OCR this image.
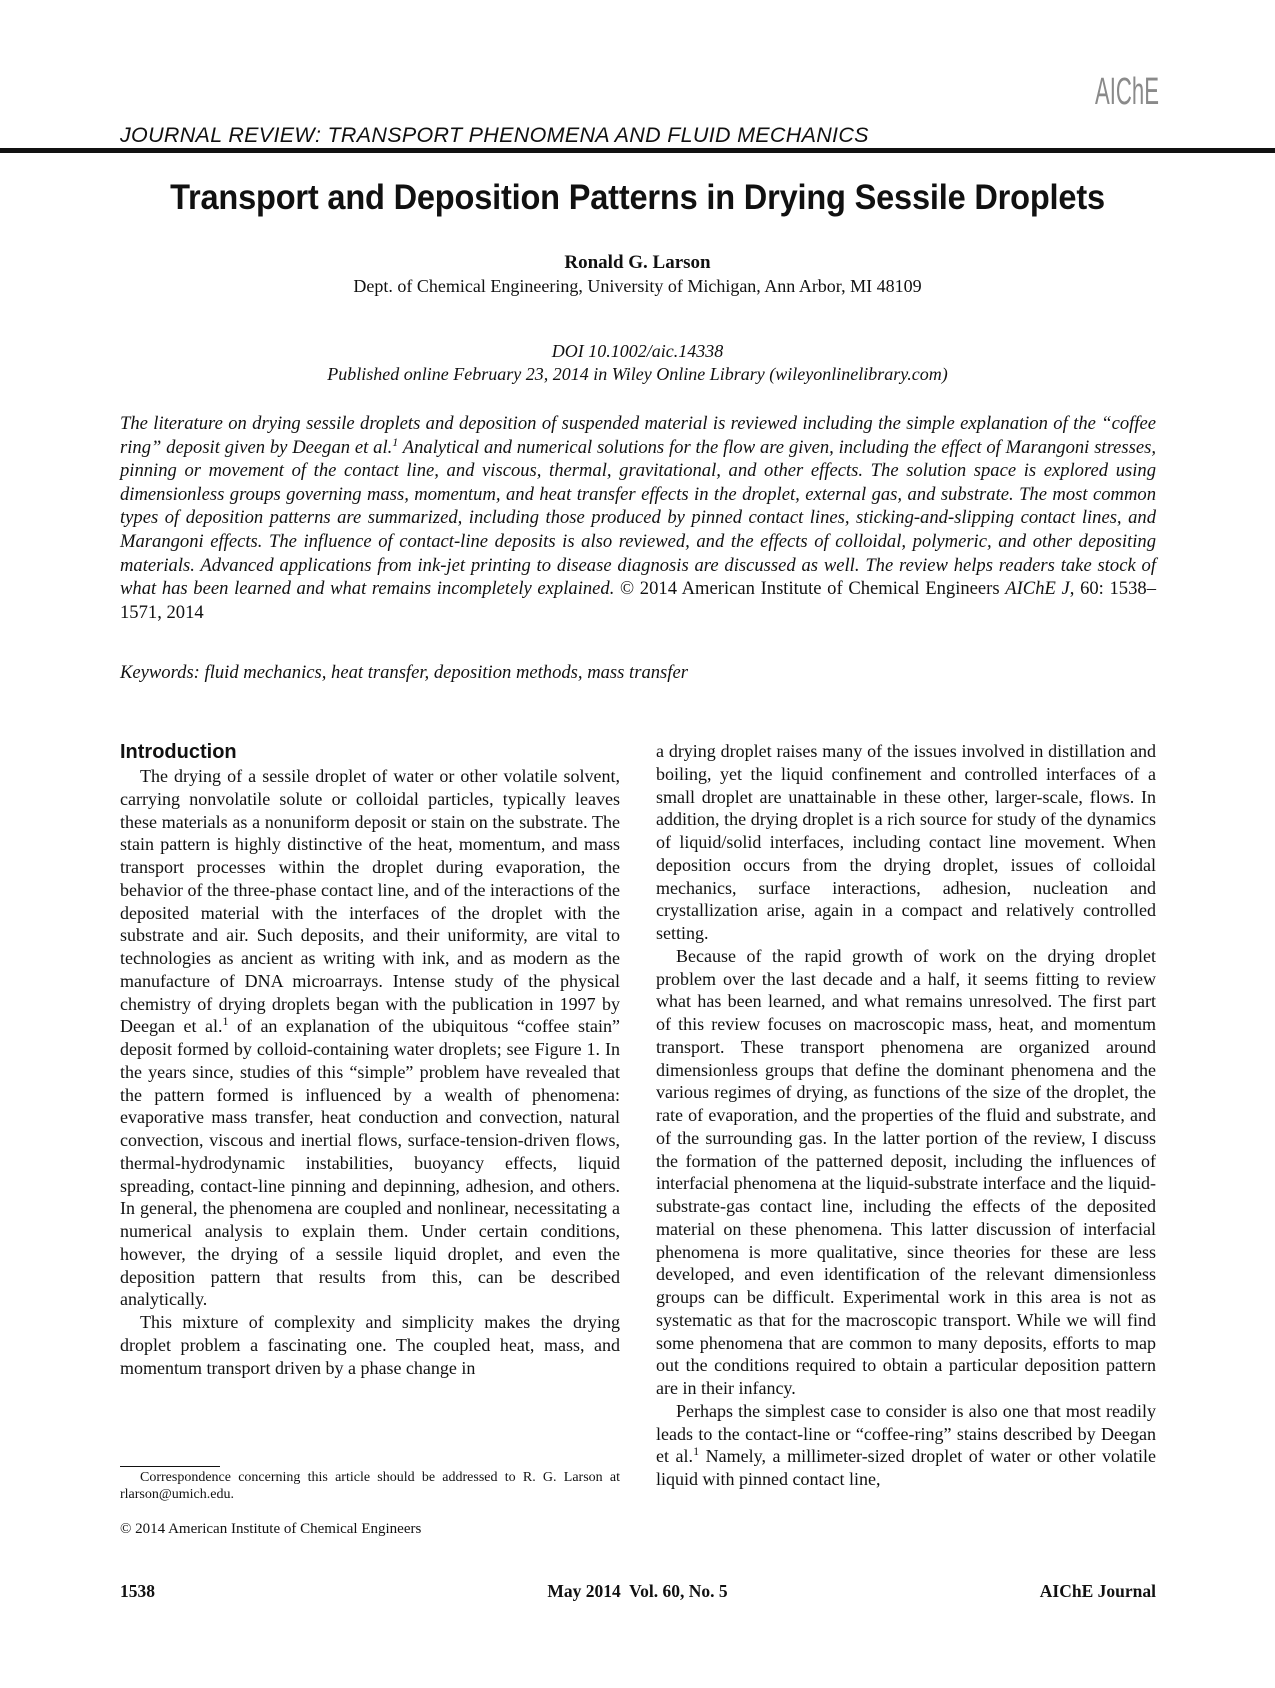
AIChE
JOURNAL REVIEW: TRANSPORT PHENOMENA AND FLUID MECHANICS
Transport and Deposition Patterns in Drying Sessile Droplets
Ronald G. Larson
Dept. of Chemical Engineering, University of Michigan, Ann Arbor, MI 48109
DOI 10.1002/aic.14338
Published online February 23, 2014 in Wiley Online Library (wileyonlinelibrary.com)
The literature on drying sessile droplets and deposition of suspended material is reviewed including the simple explanation of the “coffee ring” deposit given by Deegan et al.$^1$ Analytical and numerical solutions for the flow are given, including the effect of Marangoni stresses, pinning or movement of the contact line, and viscous, thermal, gravitational, and other effects. The solution space is explored using dimensionless groups governing mass, momentum, and heat transfer effects in the droplet, external gas, and substrate. The most common types of deposition patterns are summarized, including those produced by pinned contact lines, sticking-and-slipping contact lines, and Marangoni effects. The influence of contact-line deposits is also reviewed, and the effects of colloidal, polymeric, and other depositing materials. Advanced applications from ink-jet printing to disease diagnosis are discussed as well. The review helps readers take stock of what has been learned and what remains incompletely explained. © 2014 American Institute of Chemical Engineers AIChE J, 60: 1538–1571, 2014
Keywords: fluid mechanics, heat transfer, deposition methods, mass transfer
Introduction

The drying of a sessile droplet of water or other volatile solvent, carrying nonvolatile solute or colloidal particles, typically leaves these materials as a nonuniform deposit or stain on the substrate. The stain pattern is highly distinctive of the heat, momentum, and mass transport processes within the droplet during evaporation, the behavior of the three-phase contact line, and of the interactions of the deposited material with the interfaces of the droplet with the substrate and air. Such deposits, and their uniformity, are vital to technologies as ancient as writing with ink, and as modern as the manufacture of DNA microarrays. Intense study of the physical chemistry of drying droplets began with the publication in 1997 by Deegan et al.$^1$ of an explanation of the ubiquitous “coffee stain” deposit formed by colloid-containing water droplets; see Figure 1. In the years since, studies of this “simple” problem have revealed that the pattern formed is influenced by a wealth of phenomena: evaporative mass transfer, heat conduction and convection, natural convection, viscous and inertial flows, surface-tension-driven flows, thermal-hydrodynamic instabilities, buoyancy effects, liquid spreading, contact-line pinning and depinning, adhesion, and others. In general, the phenomena are coupled and nonlinear, necessitating a numerical analysis to explain them. Under certain conditions, however, the drying of a sessile liquid droplet, and even the deposition pattern that results from this, can be described analytically.

This mixture of complexity and simplicity makes the drying droplet problem a fascinating one. The coupled heat, mass, and momentum transport driven by a phase change in

a drying droplet raises many of the issues involved in distillation and boiling, yet the liquid confinement and controlled interfaces of a small droplet are unattainable in these other, larger-scale, flows. In addition, the drying droplet is a rich source for study of the dynamics of liquid/solid interfaces, including contact line movement. When deposition occurs from the drying droplet, issues of colloidal mechanics, surface interactions, adhesion, nucleation and crystallization arise, again in a compact and relatively controlled setting.

Because of the rapid growth of work on the drying droplet problem over the last decade and a half, it seems fitting to review what has been learned, and what remains unresolved. The first part of this review focuses on macroscopic mass, heat, and momentum transport. These transport phenomena are organized around dimensionless groups that define the dominant phenomena and the various regimes of drying, as functions of the size of the droplet, the rate of evaporation, and the properties of the fluid and substrate, and of the surrounding gas. In the latter portion of the review, I discuss the formation of the patterned deposit, including the influences of interfacial phenomena at the liquid-substrate interface and the liquid-substrate-gas contact line, including the effects of the deposited material on these phenomena. This latter discussion of interfacial phenomena is more qualitative, since theories for these are less developed, and even identification of the relevant dimensionless groups can be difficult. Experimental work in this area is not as systematic as that for the macroscopic transport. While we will find some phenomena that are common to many deposits, efforts to map out the conditions required to obtain a particular deposition pattern are in their infancy.

Perhaps the simplest case to consider is also one that most readily leads to the contact-line or “coffee-ring” stains described by Deegan et al.$^1$ Namely, a millimeter-sized droplet of water or other volatile liquid with pinned contact line,

Correspondence concerning this article should be addressed to R. G. Larson at rlarson@umich.edu.
© 2014 American Institute of Chemical Engineers
1538	May 2014  Vol. 60, No. 5	AIChE Journal
